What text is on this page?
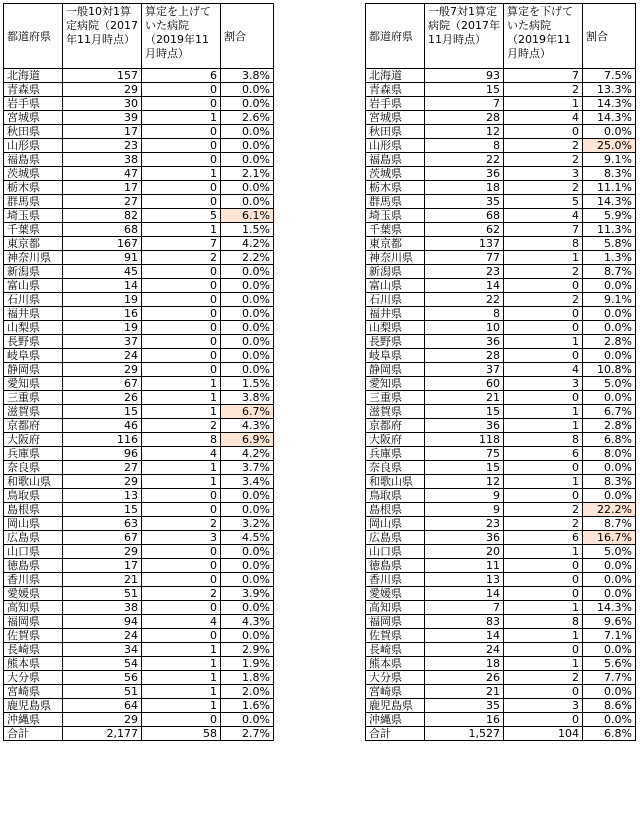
都道府県	一般10対1算定病院（2017年11月時点）	算定を上げていた病院（2019年11月時点）	割合
北海道	157	6	3.8%
青森県	29	0	0.0%
岩手県	30	0	0.0%
宮城県	39	1	2.6%
秋田県	17	0	0.0%
山形県	23	0	0.0%
福島県	38	0	0.0%
茨城県	47	1	2.1%
栃木県	17	0	0.0%
群馬県	27	0	0.0%
埼玉県	82	5	6.1%
千葉県	68	1	1.5%
東京都	167	7	4.2%
神奈川県	91	2	2.2%
新潟県	45	0	0.0%
富山県	14	0	0.0%
石川県	19	0	0.0%
福井県	16	0	0.0%
山梨県	19	0	0.0%
長野県	37	0	0.0%
岐阜県	24	0	0.0%
静岡県	29	0	0.0%
愛知県	67	1	1.5%
三重県	26	1	3.8%
滋賀県	15	1	6.7%
京都府	46	2	4.3%
大阪府	116	8	6.9%
兵庫県	96	4	4.2%
奈良県	27	1	3.7%
和歌山県	29	1	3.4%
鳥取県	13	0	0.0%
島根県	15	0	0.0%
岡山県	63	2	3.2%
広島県	67	3	4.5%
山口県	29	0	0.0%
徳島県	17	0	0.0%
香川県	21	0	0.0%
愛媛県	51	2	3.9%
高知県	38	0	0.0%
福岡県	94	4	4.3%
佐賀県	24	0	0.0%
長崎県	34	1	2.9%
熊本県	54	1	1.9%
大分県	56	1	1.8%
宮崎県	51	1	2.0%
鹿児島県	64	1	1.6%
沖縄県	29	0	0.0%
合計	2,177	58	2.7%
都道府県	一般7対1算定病院（2017年11月時点）	算定を下げていた病院（2019年11月時点）	割合
北海道	93	7	7.5%
青森県	15	2	13.3%
岩手県	7	1	14.3%
宮城県	28	4	14.3%
秋田県	12	0	0.0%
山形県	8	2	25.0%
福島県	22	2	9.1%
茨城県	36	3	8.3%
栃木県	18	2	11.1%
群馬県	35	5	14.3%
埼玉県	68	4	5.9%
千葉県	62	7	11.3%
東京都	137	8	5.8%
神奈川県	77	1	1.3%
新潟県	23	2	8.7%
富山県	14	0	0.0%
石川県	22	2	9.1%
福井県	8	0	0.0%
山梨県	10	0	0.0%
長野県	36	1	2.8%
岐阜県	28	0	0.0%
静岡県	37	4	10.8%
愛知県	60	3	5.0%
三重県	21	0	0.0%
滋賀県	15	1	6.7%
京都府	36	1	2.8%
大阪府	118	8	6.8%
兵庫県	75	6	8.0%
奈良県	15	0	0.0%
和歌山県	12	1	8.3%
鳥取県	9	0	0.0%
島根県	9	2	22.2%
岡山県	23	2	8.7%
広島県	36	6	16.7%
山口県	20	1	5.0%
徳島県	11	0	0.0%
香川県	13	0	0.0%
愛媛県	14	0	0.0%
高知県	7	1	14.3%
福岡県	83	8	9.6%
佐賀県	14	1	7.1%
長崎県	24	0	0.0%
熊本県	18	1	5.6%
大分県	26	2	7.7%
宮崎県	21	0	0.0%
鹿児島県	35	3	8.6%
沖縄県	16	0	0.0%
合計	1,527	104	6.8%
